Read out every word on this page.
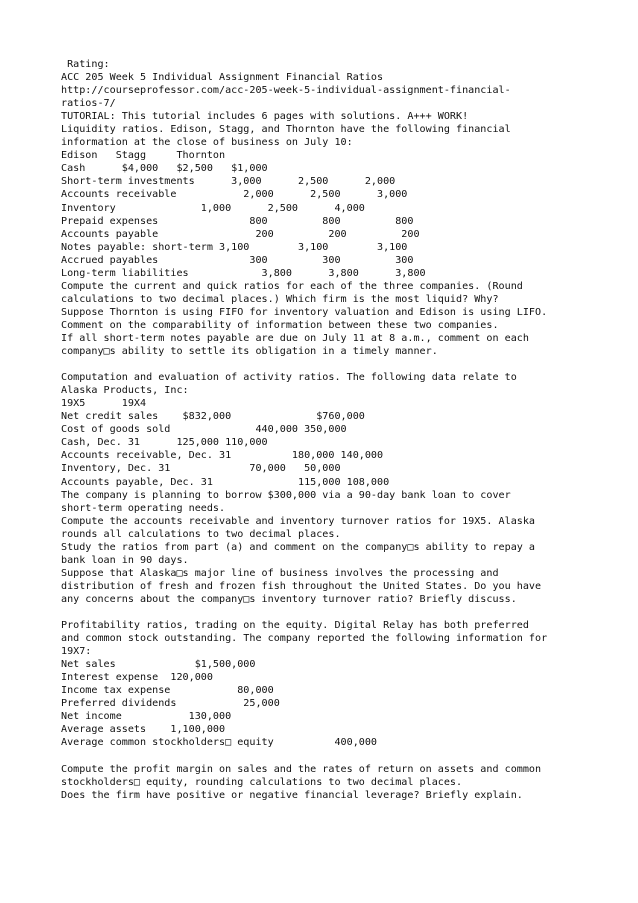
Rating:
ACC 205 Week 5 Individual Assignment Financial Ratios
http://courseprofessor.com/acc-205-week-5-individual-assignment-financial-
ratios-7/
TUTORIAL: This tutorial includes 6 pages with solutions. A+++ WORK!
Liquidity ratios. Edison, Stagg, and Thornton have the following financial
information at the close of business on July 10:
Edison   Stagg     Thornton
Cash      $4,000   $2,500   $1,000
Short-term investments      3,000      2,500      2,000
Accounts receivable           2,000      2,500      3,000
Inventory              1,000      2,500      4,000
Prepaid expenses               800         800         800
Accounts payable                200         200         200
Notes payable: short-term 3,100        3,100        3,100
Accrued payables               300         300         300
Long-term liabilities            3,800      3,800      3,800
Compute the current and quick ratios for each of the three companies. (Round
calculations to two decimal places.) Which firm is the most liquid? Why?
Suppose Thornton is using FIFO for inventory valuation and Edison is using LIFO.
Comment on the comparability of information between these two companies.
If all short-term notes payable are due on July 11 at 8 a.m., comment on each
company□s ability to settle its obligation in a timely manner.
Computation and evaluation of activity ratios. The following data relate to
Alaska Products, Inc:
19X5      19X4
Net credit sales    $832,000              $760,000
Cost of goods sold              440,000 350,000
Cash, Dec. 31      125,000 110,000
Accounts receivable, Dec. 31          180,000 140,000
Inventory, Dec. 31             70,000   50,000
Accounts payable, Dec. 31              115,000 108,000
The company is planning to borrow $300,000 via a 90-day bank loan to cover
short-term operating needs.
Compute the accounts receivable and inventory turnover ratios for 19X5. Alaska
rounds all calculations to two decimal places.
Study the ratios from part (a) and comment on the company□s ability to repay a
bank loan in 90 days.
Suppose that Alaska□s major line of business involves the processing and
distribution of fresh and frozen fish throughout the United States. Do you have
any concerns about the company□s inventory turnover ratio? Briefly discuss.
Profitability ratios, trading on the equity. Digital Relay has both preferred
and common stock outstanding. The company reported the following information for
19X7:
Net sales             $1,500,000
Interest expense  120,000
Income tax expense           80,000
Preferred dividends           25,000
Net income           130,000
Average assets    1,100,000
Average common stockholders□ equity          400,000
Compute the profit margin on sales and the rates of return on assets and common
stockholders□ equity, rounding calculations to two decimal places.
Does the firm have positive or negative financial leverage? Briefly explain.
